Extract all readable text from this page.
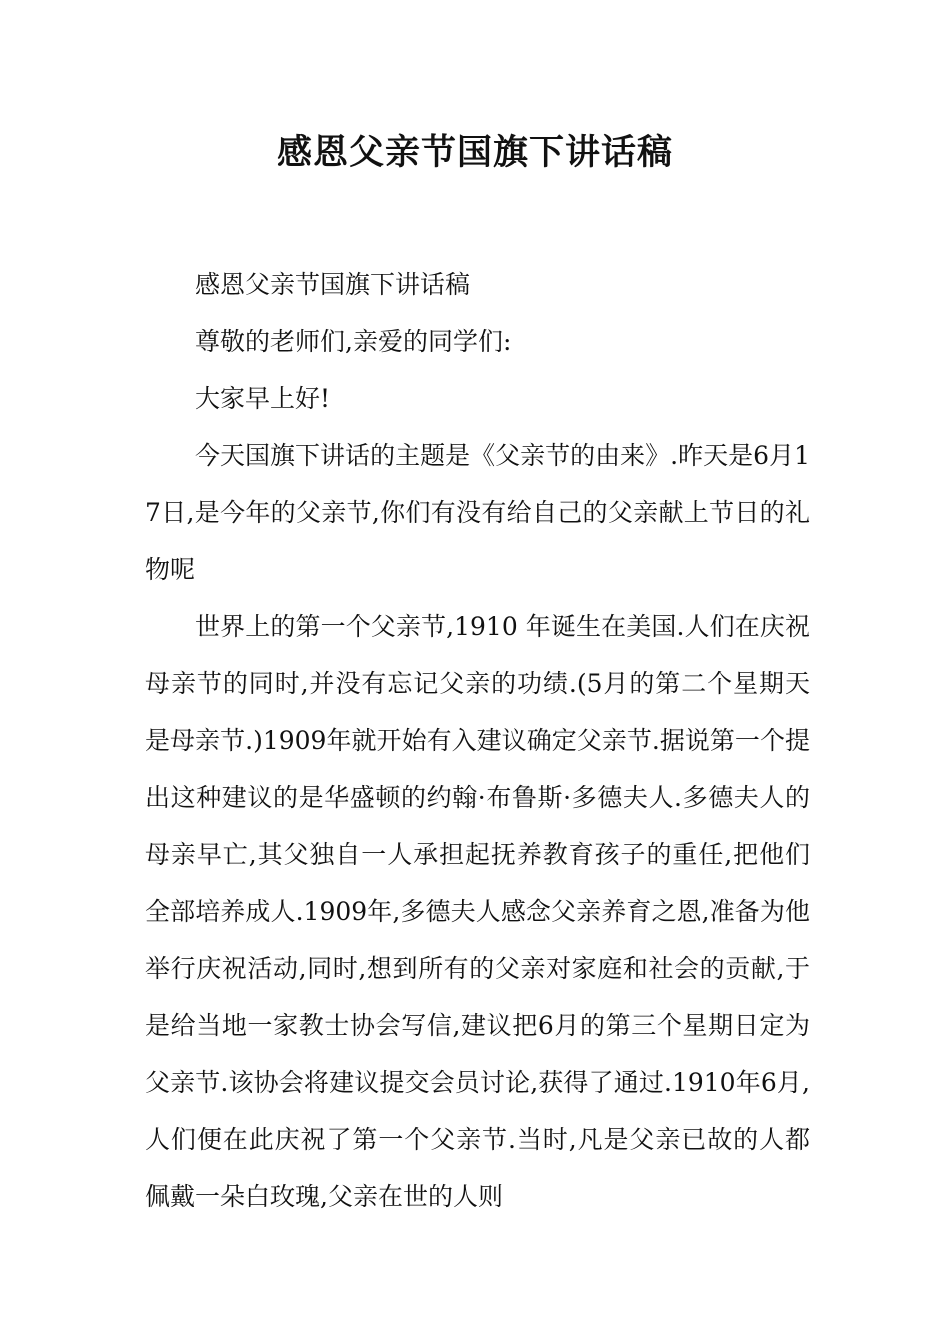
感恩父亲节国旗下讲话稿

感恩父亲节国旗下讲话稿

尊敬的老师们,亲爱的同学们:

大家早上好!

今天国旗下讲话的主题是《父亲节的由来》.昨天是6月17日,是今年的父亲节,你们有没有给自己的父亲献上节日的礼物呢

世界上的第一个父亲节,1910 年诞生在美国.人们在庆祝母亲节的同时,并没有忘记父亲的功绩.(5月的第二个星期天是母亲节.)1909年就开始有入建议确定父亲节.据说第一个提出这种建议的是华盛顿的约翰·布鲁斯·多德夫人.多德夫人的母亲早亡,其父独自一人承担起抚养教育孩子的重任,把他们全部培养成人.1909年,多德夫人感念父亲养育之恩,准备为他举行庆祝活动,同时,想到所有的父亲对家庭和社会的贡献,于是给当地一家教士协会写信,建议把6月的第三个星期日定为父亲节.该协会将建议提交会员讨论,获得了通过.1910年6月,人们便在此庆祝了第一个父亲节.当时,凡是父亲已故的人都佩戴一朵白玫瑰,父亲在世的人则
